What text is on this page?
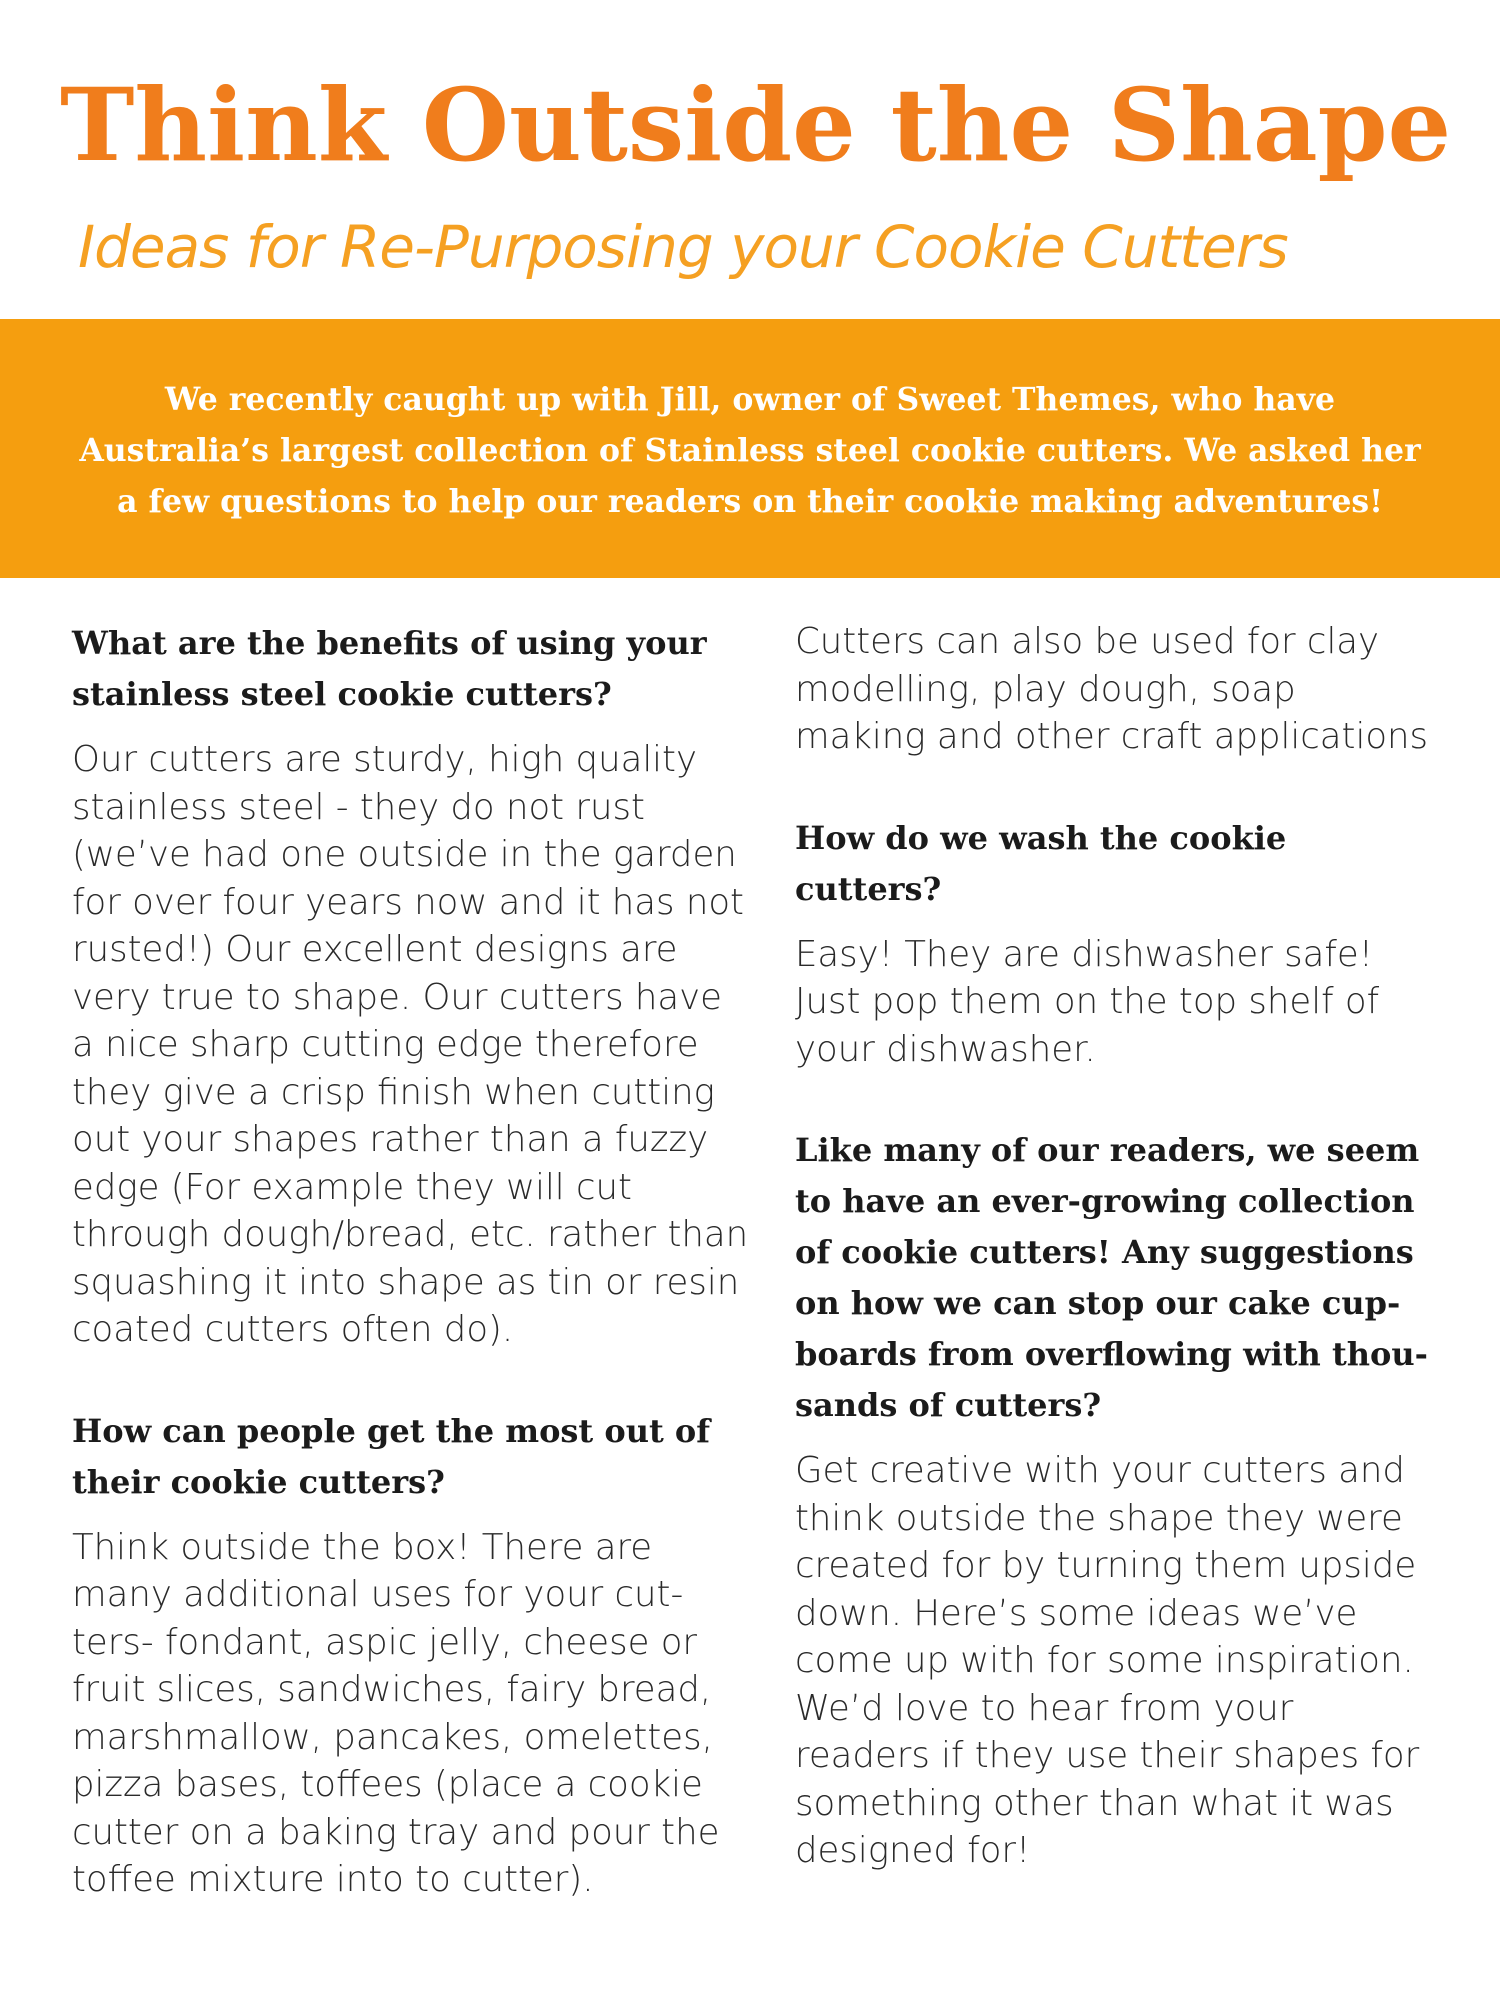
Think Outside the Shape
Ideas for Re-Purposing your Cookie Cutters

We recently caught up with Jill, owner of Sweet Themes, who have Australia’s largest collection of Stainless steel cookie cutters. We asked her a few questions to help our readers on their cookie making adventures!

What are the benefits of using your stainless steel cookie cutters?

Our cutters are sturdy, high quality stainless steel - they do not rust (we’ve had one outside in the garden for over four years now and it has not rusted!) Our excellent designs are very true to shape. Our cutters have a nice sharp cutting edge therefore they give a crisp finish when cutting out your shapes rather than a fuzzy edge (For example they will cut through dough/bread, etc. rather than squashing it into shape as tin or resin coated cutters often do).

How can people get the most out of their cookie cutters?

Think outside the box! There are many additional uses for your cut-ters- fondant, aspic jelly, cheese or fruit slices, sandwiches, fairy bread, marshmallow, pancakes, omelettes, pizza bases, toffees (place a cookie cutter on a baking tray and pour the toffee mixture into to cutter).

Cutters can also be used for clay modelling, play dough, soap making and other craft applications

How do we wash the cookie cutters?

Easy! They are dishwasher safe! Just pop them on the top shelf of your dishwasher.

Like many of our readers, we seem to have an ever-growing collection of cookie cutters! Any suggestions on how we can stop our cake cup-boards from overflowing with thou-sands of cutters?

Get creative with your cutters and think outside the shape they were created for by turning them upside down. Here’s some ideas we’ve come up with for some inspiration. We’d love to hear from your readers if they use their shapes for something other than what it was designed for!
